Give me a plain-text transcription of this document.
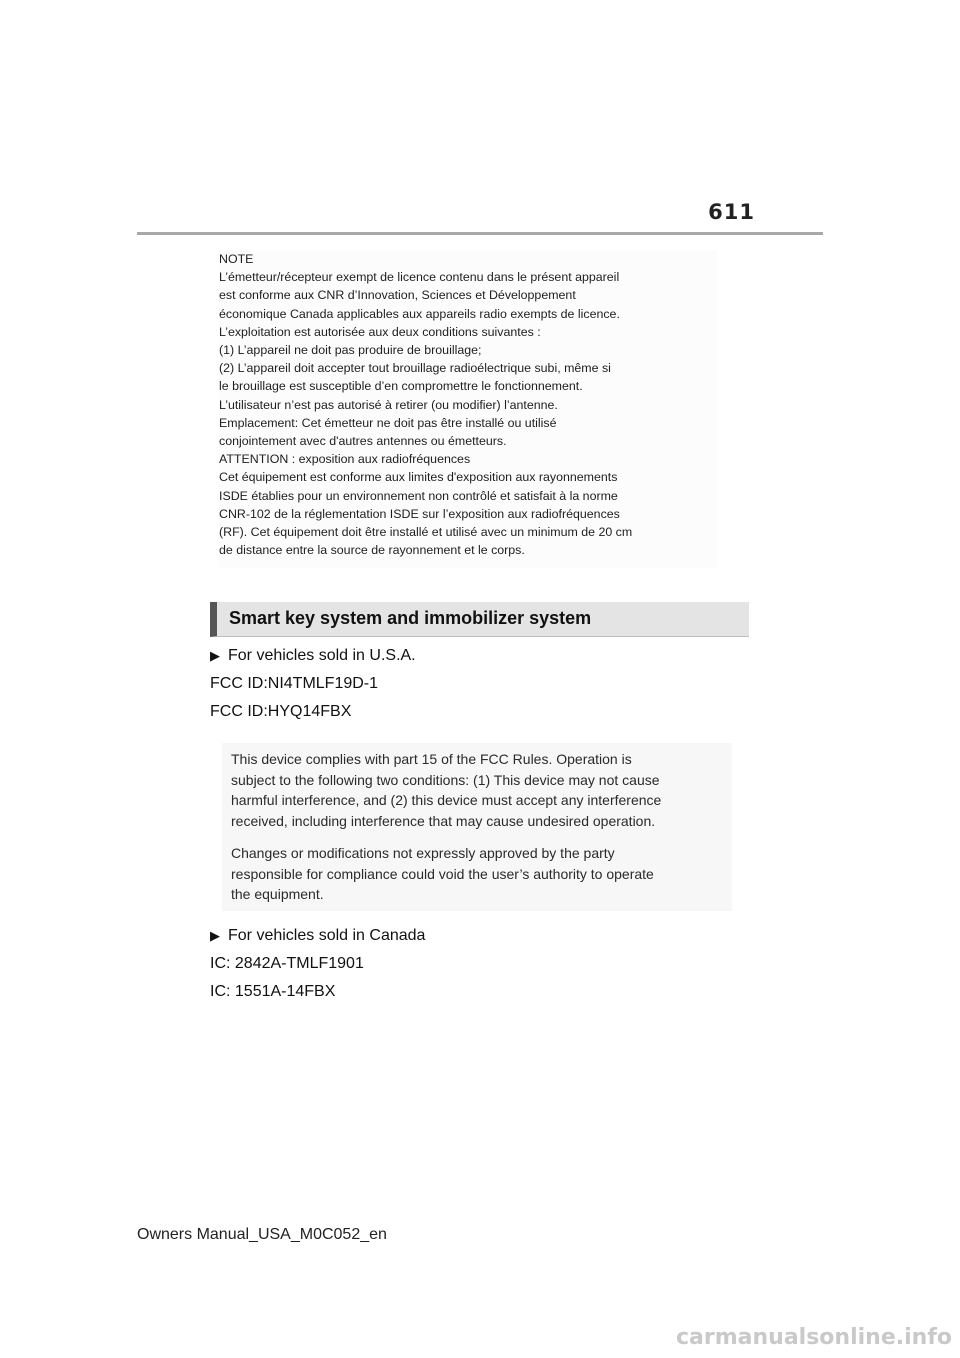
611
NOTE
L’émetteur/récepteur exempt de licence contenu dans le présent appareil
est conforme aux CNR d’Innovation, Sciences et Développement
économique Canada applicables aux appareils radio exempts de licence.
L’exploitation est autorisée aux deux conditions suivantes :
(1) L’appareil ne doit pas produire de brouillage;
(2) L’appareil doit accepter tout brouillage radioélectrique subi, même si
le brouillage est susceptible d’en compromettre le fonctionnement.
L’utilisateur n’est pas autorisé à retirer (ou modifier) l’antenne.
Emplacement: Cet émetteur ne doit pas être installé ou utilisé
conjointement avec d'autres antennes ou émetteurs.
ATTENTION : exposition aux radiofréquences
Cet équipement est conforme aux limites d'exposition aux rayonnements
ISDE établies pour un environnement non contrôlé et satisfait à la norme
CNR-102 de la réglementation ISDE sur l’exposition aux radiofréquences
(RF). Cet équipement doit être installé et utilisé avec un minimum de 20 cm
de distance entre la source de rayonnement et le corps.
Smart key system and immobilizer system
▶ For vehicles sold in U.S.A.
FCC ID:NI4TMLF19D-1
FCC ID:HYQ14FBX

This device complies with part 15 of the FCC Rules. Operation is
subject to the following two conditions: (1) This device may not cause
harmful interference, and (2) this device must accept any interference
received, including interference that may cause undesired operation.

Changes or modifications not expressly approved by the party
responsible for compliance could void the user’s authority to operate
the equipment.

▶ For vehicles sold in Canada
IC: 2842A-TMLF1901
IC: 1551A-14FBX
Owners Manual_USA_M0C052_en
carmanualsonline.info
